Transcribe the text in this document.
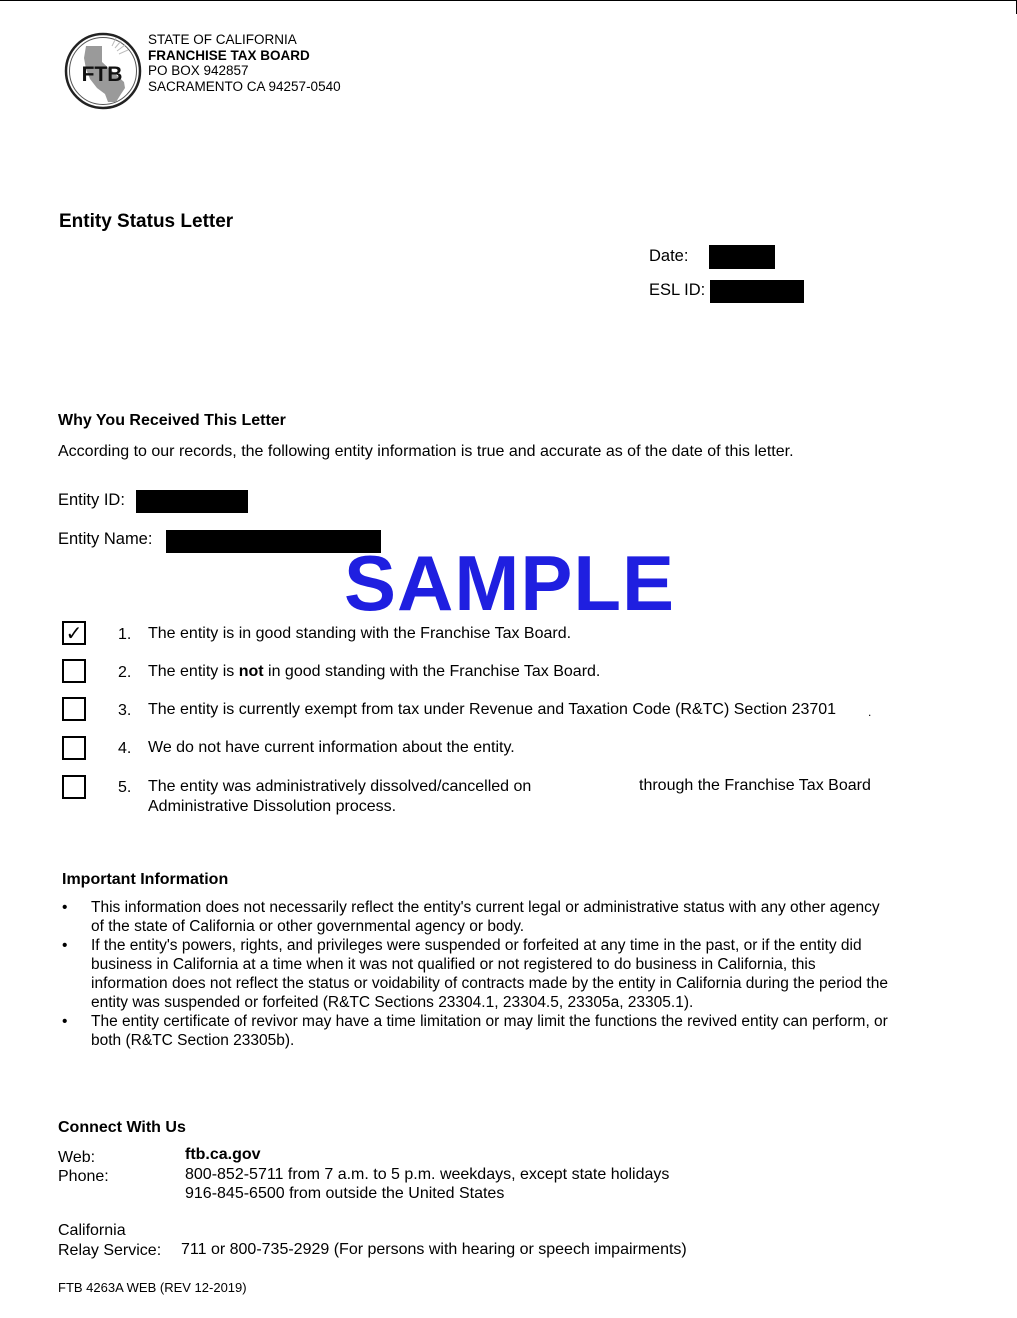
FTB
STATE OF CALIFORNIA
FRANCHISE TAX BOARD
PO BOX 942857
SACRAMENTO CA 94257-0540
Entity Status Letter
Date:
ESL ID:
Why You Received This Letter
According to our records, the following entity information is true and accurate as of the date of this letter.
Entity ID:
Entity Name: SAMPLE
✓ 1. The entity is in good standing with the Franchise Tax Board.
2. The entity is not in good standing with the Franchise Tax Board.
3. The entity is currently exempt from tax under Revenue and Taxation Code (R&TC) Section 23701	.
4. We do not have current information about the entity.
5. The entity was administratively dissolved/cancelled on	through the Franchise Tax Board
Administrative Dissolution process.
Important Information
•	This information does not necessarily reflect the entity's current legal or administrative status with any other agency of the state of California or other governmental agency or body.
•	If the entity's powers, rights, and privileges were suspended or forfeited at any time in the past, or if the entity did business in California at a time when it was not qualified or not registered to do business in California, this information does not reflect the status or voidability of contracts made by the entity in California during the period the entity was suspended or forfeited (R&TC Sections 23304.1, 23304.5, 23305a, 23305.1).
•	The entity certificate of revivor may have a time limitation or may limit the functions the revived entity can perform, or both (R&TC Section 23305b).
Connect With Us
Web:	ftb.ca.gov
Phone:	800-852-5711 from 7 a.m. to 5 p.m. weekdays, except state holidays
916-845-6500 from outside the United States
California
Relay Service: 711 or 800-735-2929 (For persons with hearing or speech impairments)
FTB 4263A WEB (REV 12-2019)
